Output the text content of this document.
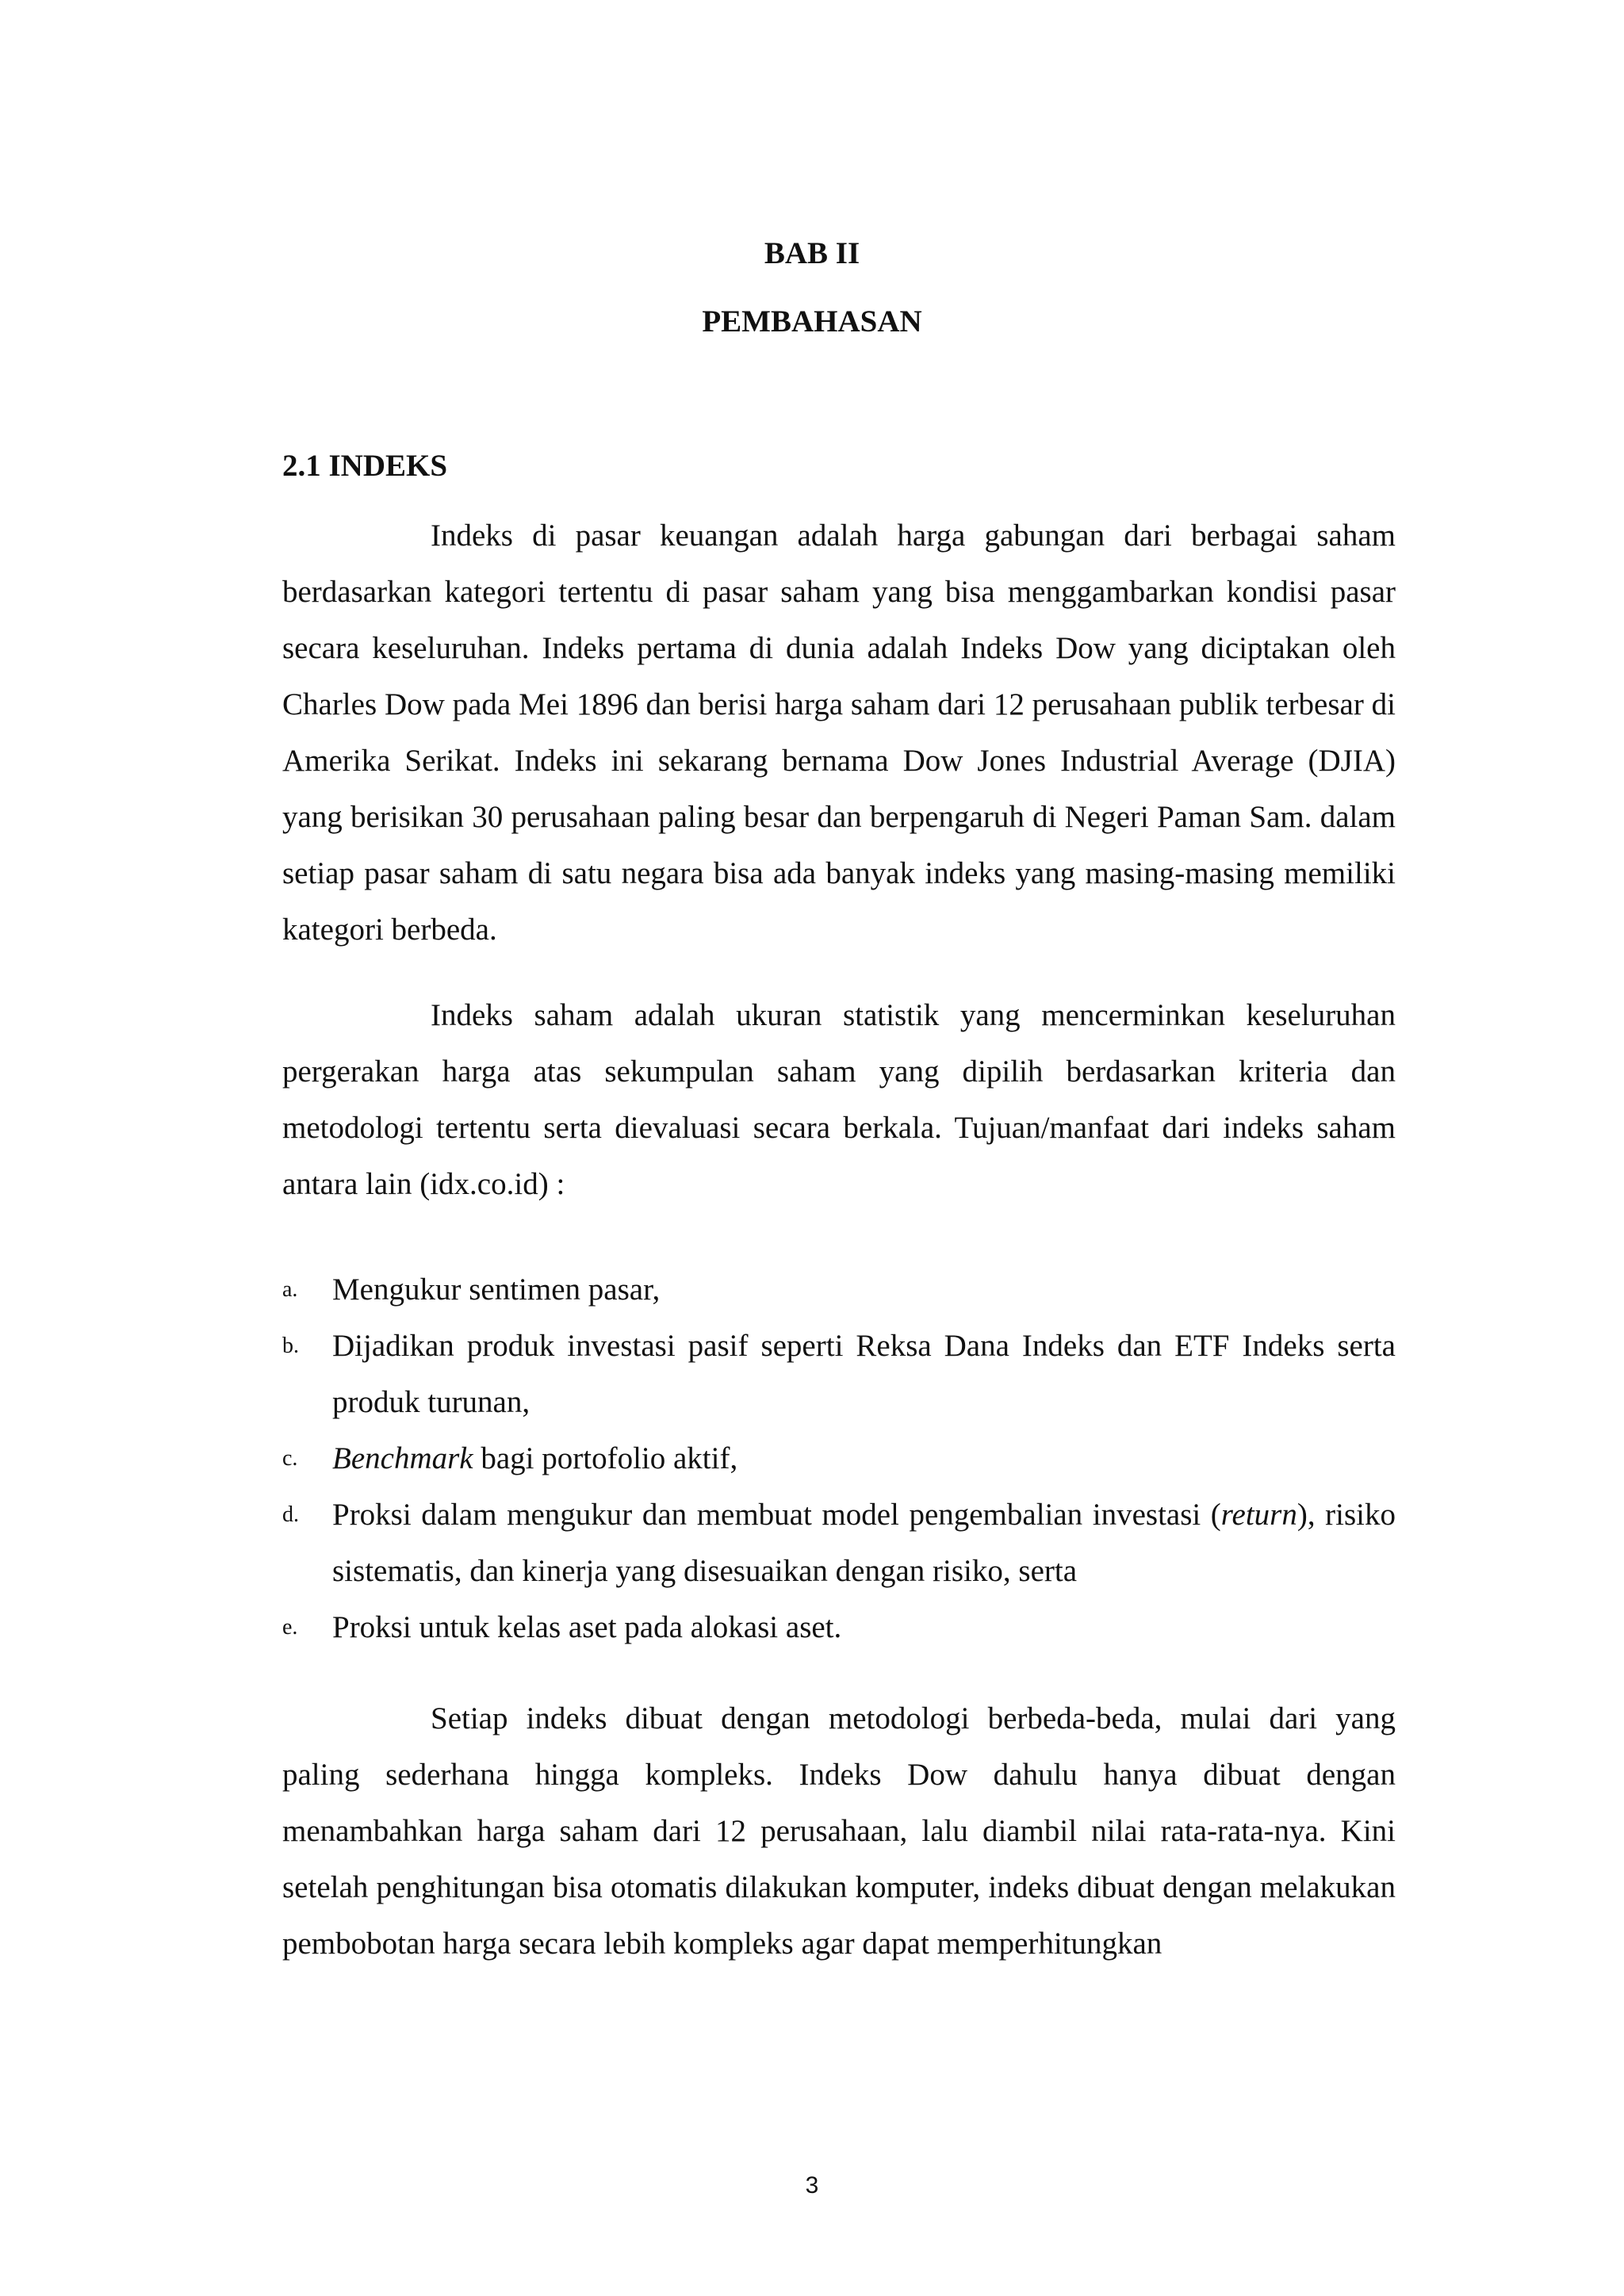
BAB II
PEMBAHASAN
2.1 INDEKS

Indeks di pasar keuangan adalah harga gabungan dari berbagai saham berdasarkan kategori tertentu di pasar saham yang bisa menggambarkan kondisi pasar secara keseluruhan. Indeks pertama di dunia adalah Indeks Dow yang diciptakan oleh Charles Dow pada Mei 1896 dan berisi harga saham dari 12 perusahaan publik terbesar di Amerika Serikat. Indeks ini sekarang bernama Dow Jones Industrial Average (DJIA) yang berisikan 30 perusahaan paling besar dan berpengaruh di Negeri Paman Sam. dalam setiap pasar saham di satu negara bisa ada banyak indeks yang masing-masing memiliki kategori berbeda.

Indeks saham adalah ukuran statistik yang mencerminkan keseluruhan pergerakan harga atas sekumpulan saham yang dipilih berdasarkan kriteria dan metodologi tertentu serta dievaluasi secara berkala. Tujuan/manfaat dari indeks saham antara lain (idx.co.id) :

a. Mengukur sentimen pasar,
b. Dijadikan produk investasi pasif seperti Reksa Dana Indeks dan ETF Indeks serta produk turunan,
c. Benchmark bagi portofolio aktif,
d. Proksi dalam mengukur dan membuat model pengembalian investasi (return), risiko sistematis, dan kinerja yang disesuaikan dengan risiko, serta
e. Proksi untuk kelas aset pada alokasi aset.

Setiap indeks dibuat dengan metodologi berbeda-beda, mulai dari yang paling sederhana hingga kompleks. Indeks Dow dahulu hanya dibuat dengan menambahkan harga saham dari 12 perusahaan, lalu diambil nilai rata-rata-nya. Kini setelah penghitungan bisa otomatis dilakukan komputer, indeks dibuat dengan melakukan pembobotan harga secara lebih kompleks agar dapat memperhitungkan

3
